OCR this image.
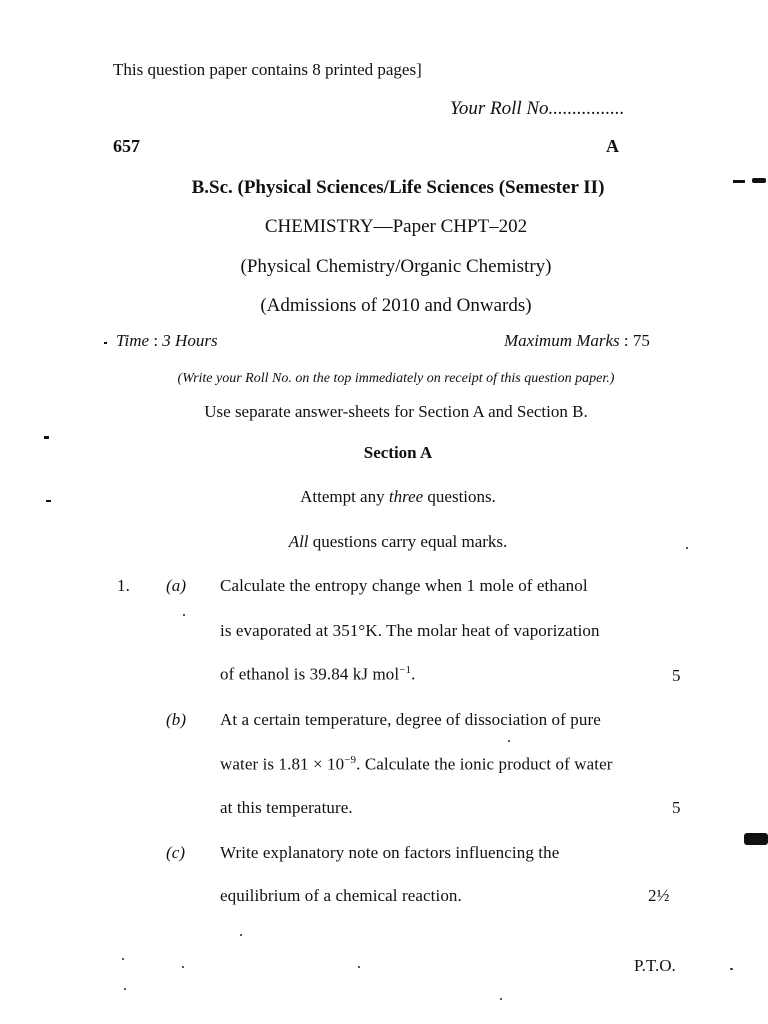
This question paper contains 8 printed pages]
Your Roll No................
657	A
B.Sc. (Physical Sciences/Life Sciences (Semester II)
CHEMISTRY—Paper CHPT–202
(Physical Chemistry/Organic Chemistry)
(Admissions of 2010 and Onwards)
Time : 3 Hours	Maximum Marks : 75
(Write your Roll No. on the top immediately on receipt of this question paper.)
Use separate answer-sheets for Section A and Section B.
Section A
Attempt any three questions.
All questions carry equal marks.
1. (a) Calculate the entropy change when 1 mole of ethanol
is evaporated at 351°K. The molar heat of vaporization
of ethanol is 39.84 kJ mol$^{-1}$.	5
(b) At a certain temperature, degree of dissociation of pure
water is $1.81 \times 10^{-9}$. Calculate the ionic product of water
at this temperature.	5
(c) Write explanatory note on factors influencing the
equilibrium of a chemical reaction.	2½
P.T.O.
